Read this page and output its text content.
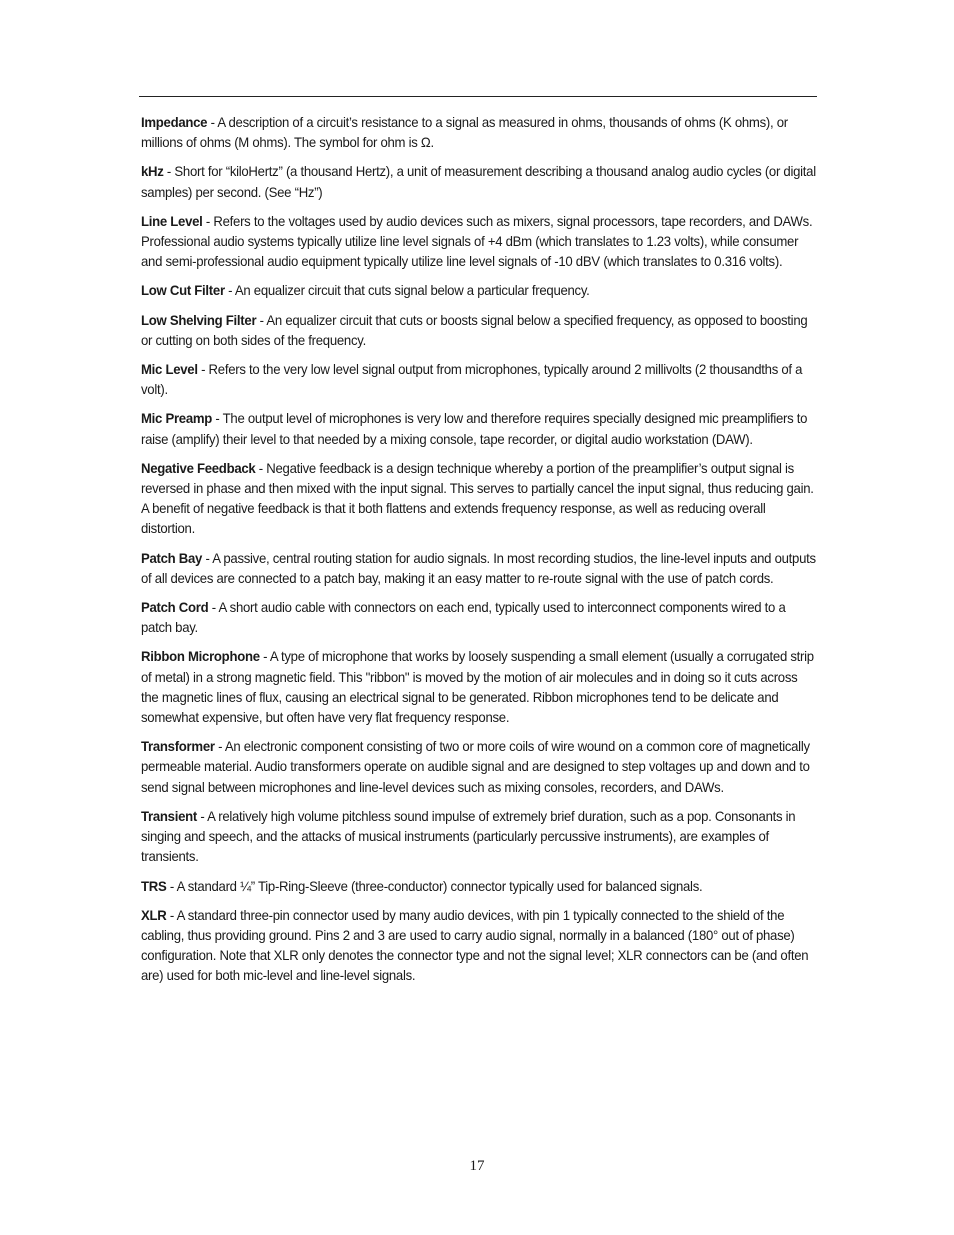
Impedance - A description of a circuit’s resistance to a signal as measured in ohms, thousands of ohms (K ohms), or millions of ohms (M ohms). The symbol for ohm is Ω.

kHz - Short for “kiloHertz” (a thousand Hertz), a unit of measurement describing a thousand analog audio cycles (or digital samples) per second. (See “Hz”)

Line Level - Refers to the voltages used by audio devices such as mixers, signal processors, tape recorders, and DAWs. Professional audio systems typically utilize line level signals of +4 dBm (which translates to 1.23 volts), while consumer and semi-professional audio equipment typically utilize line level signals of -10 dBV (which translates to 0.316 volts).

Low Cut Filter - An equalizer circuit that cuts signal below a particular frequency.

Low Shelving Filter - An equalizer circuit that cuts or boosts signal below a specified frequency, as opposed to boosting or cutting on both sides of the frequency.

Mic Level - Refers to the very low level signal output from microphones, typically around 2 millivolts (2 thousandths of a volt).

Mic Preamp - The output level of microphones is very low and therefore requires specially designed mic preamplifiers to raise (amplify) their level to that needed by a mixing console, tape recorder, or digital audio workstation (DAW).

Negative Feedback - Negative feedback is a design technique whereby a portion of the preamplifier’s output signal is reversed in phase and then mixed with the input signal. This serves to partially cancel the input signal, thus reducing gain. A benefit of negative feedback is that it both flattens and extends frequency response, as well as reducing overall distortion.

Patch Bay - A passive, central routing station for audio signals. In most recording studios, the line-level inputs and outputs of all devices are connected to a patch bay, making it an easy matter to re-route signal with the use of patch cords.

Patch Cord - A short audio cable with connectors on each end, typically used to interconnect components wired to a patch bay.

Ribbon Microphone - A type of microphone that works by loosely suspending a small element (usually a corrugated strip of metal) in a strong magnetic field. This "ribbon" is moved by the motion of air molecules and in doing so it cuts across the magnetic lines of flux, causing an electrical signal to be generated. Ribbon microphones tend to be delicate and somewhat expensive, but often have very flat frequency response.

Transformer - An electronic component consisting of two or more coils of wire wound on a common core of magnetically permeable material. Audio transformers operate on audible signal and are designed to step voltages up and down and to send signal between microphones and line-level devices such as mixing consoles, recorders, and DAWs.

Transient - A relatively high volume pitchless sound impulse of extremely brief duration, such as a pop. Consonants in singing and speech, and the attacks of musical instruments (particularly percussive instruments), are examples of transients.

TRS - A standard ¼” Tip-Ring-Sleeve (three-conductor) connector typically used for balanced signals.

XLR - A standard three-pin connector used by many audio devices, with pin 1 typically connected to the shield of the cabling, thus providing ground. Pins 2 and 3 are used to carry audio signal, normally in a balanced (180° out of phase) configuration. Note that XLR only denotes the connector type and not the signal level; XLR connectors can be (and often are) used for both mic-level and line-level signals.

17
